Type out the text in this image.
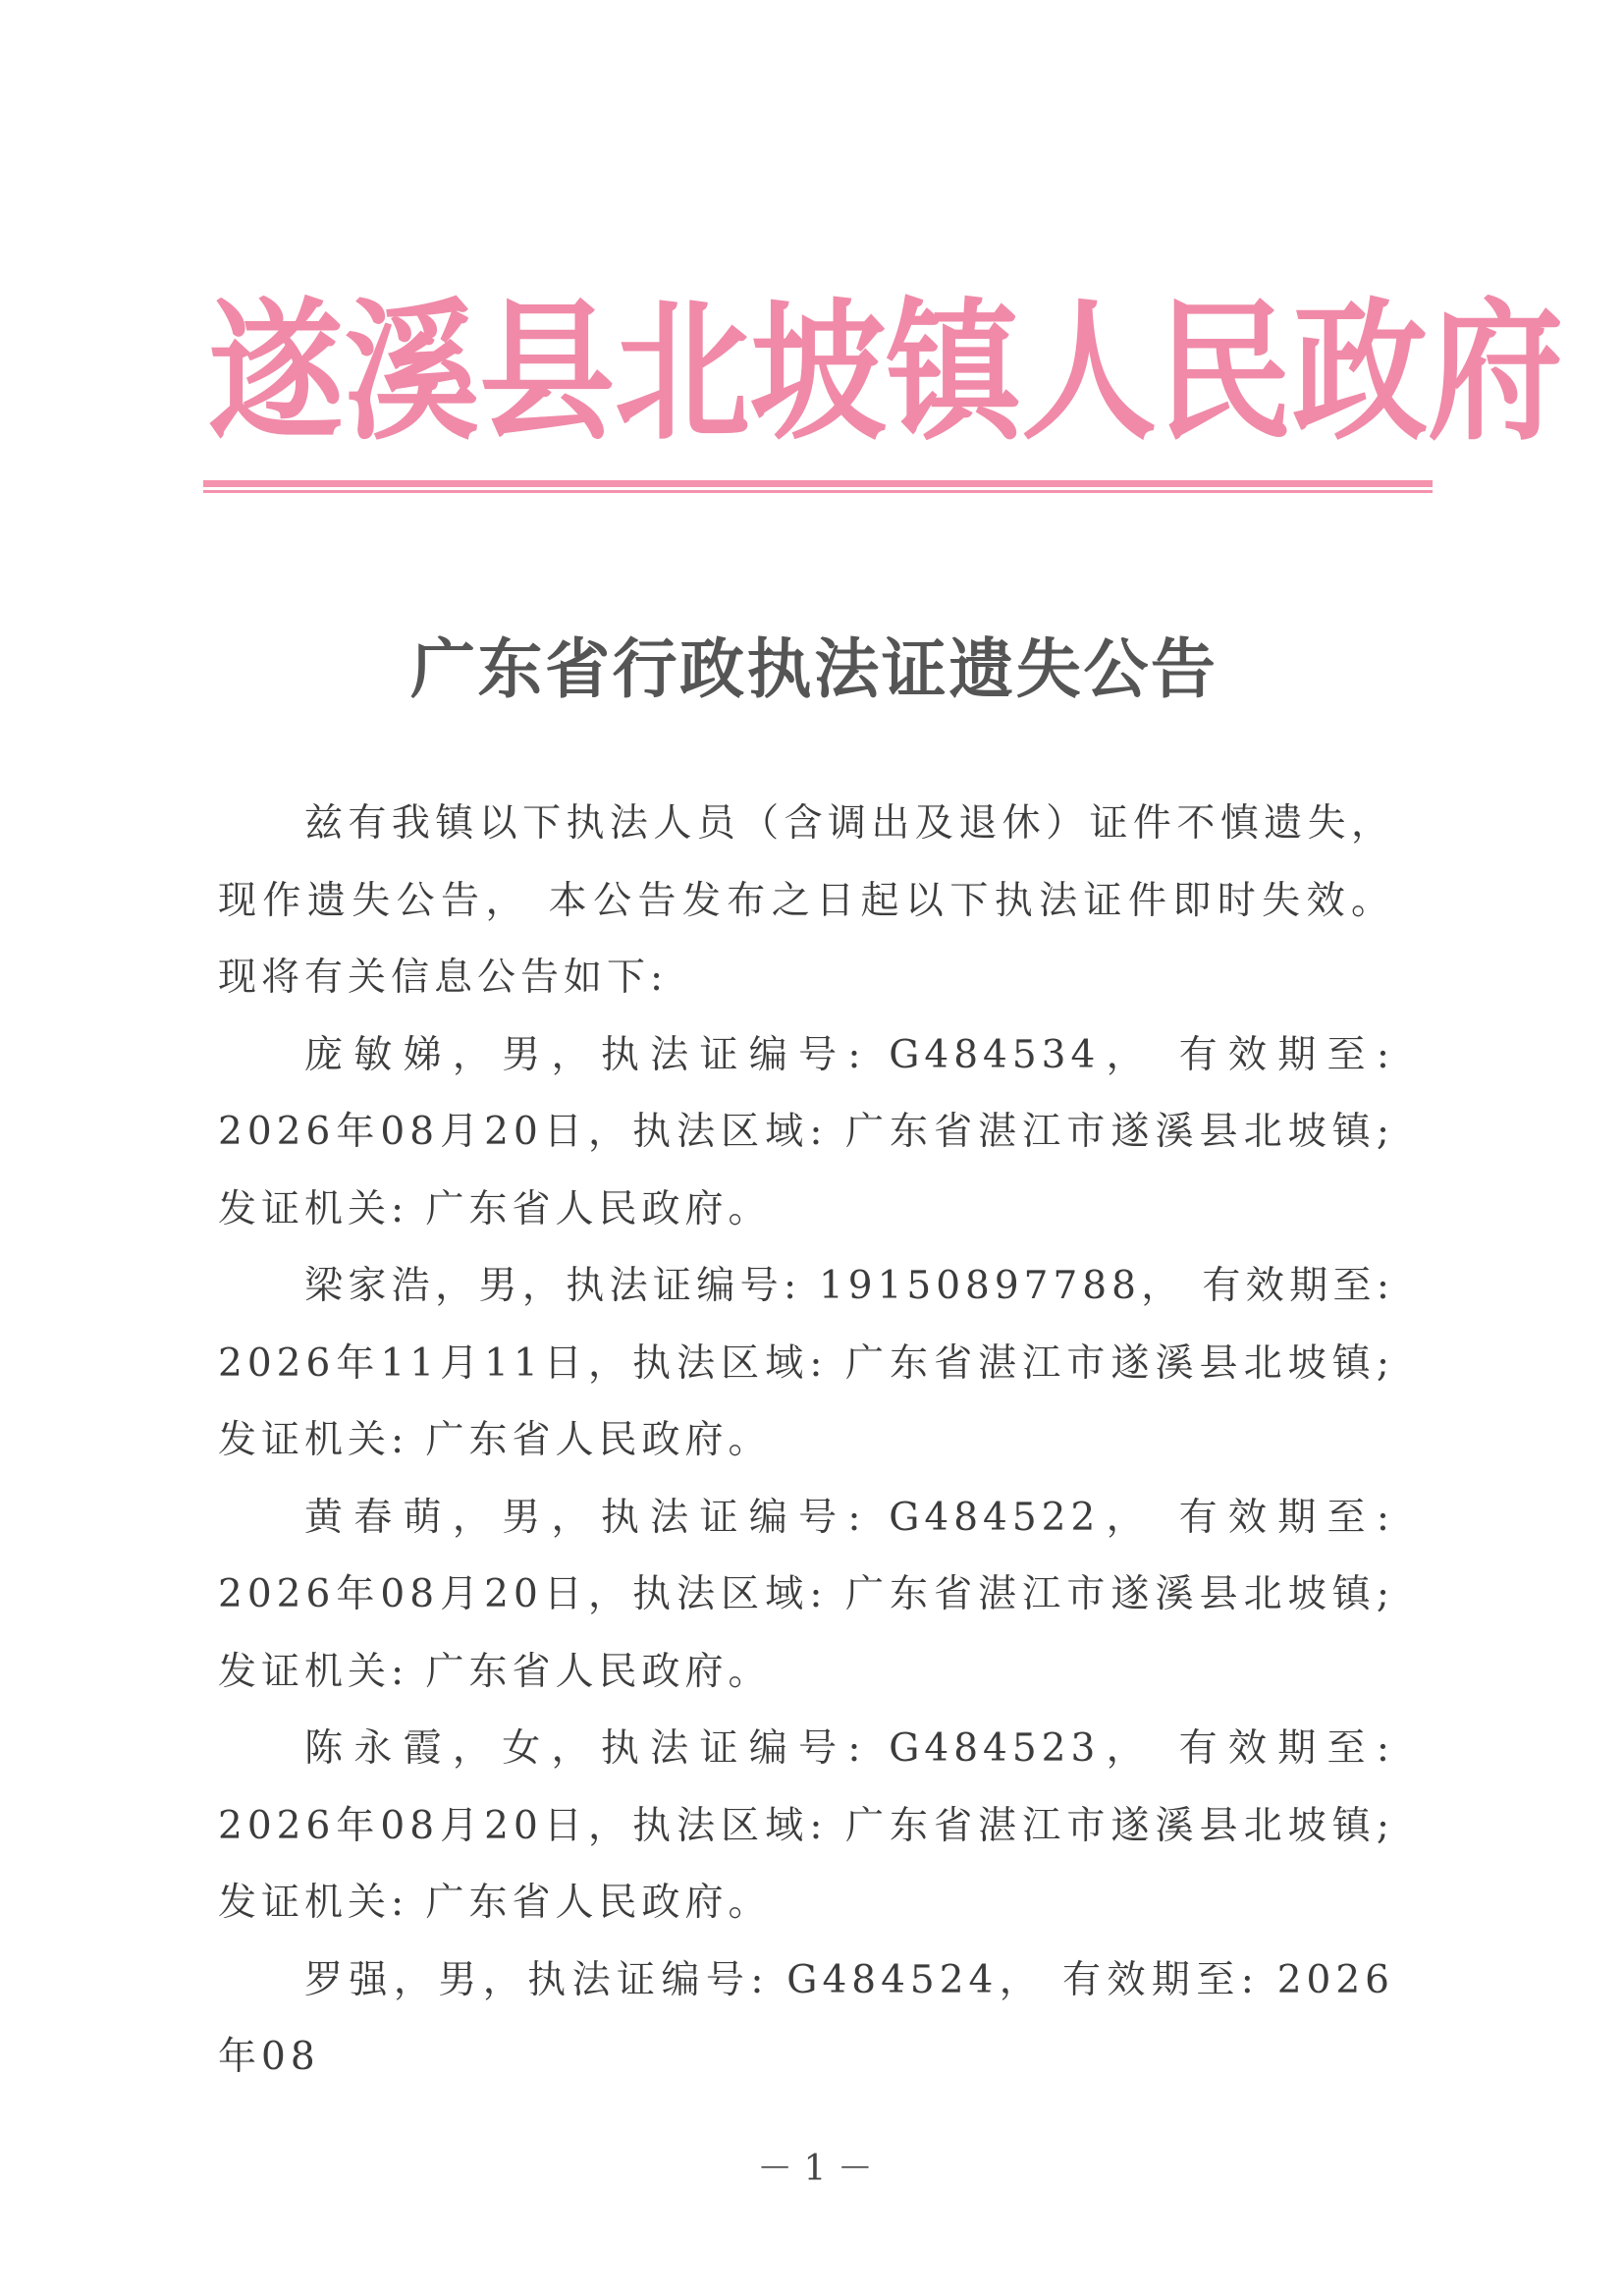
遂 溪 县 北 坡 镇 人 民 政 府
广 东 省 行 政 执 法 证 遗 失 公 告

兹有我镇以下执法人员（含调出及退休）证件不慎遗失，现作遗失公告， 本公告发布之日起以下执法证件即时失效。现将有关信息公告如下:

庞敏娣，男，执法证编号: G484534， 有效期至: 2026年08月20日，执法区域: 广东省湛江市遂溪县北坡镇; 发证机关: 广东省人民政府。

梁家浩，男，执法证编号: 19150897788， 有效期至: 2026年11月11日，执法区域: 广东省湛江市遂溪县北坡镇; 发证机关: 广东省人民政府。

黄春萌，男，执法证编号: G484522， 有效期至: 2026年08月20日，执法区域: 广东省湛江市遂溪县北坡镇; 发证机关: 广东省人民政府。

陈永霞，女，执法证编号: G484523， 有效期至: 2026年08月20日，执法区域: 广东省湛江市遂溪县北坡镇; 发证机关: 广东省人民政府。

罗强，男，执法证编号: G484524， 有效期至: 2026年08

－ 1 －
